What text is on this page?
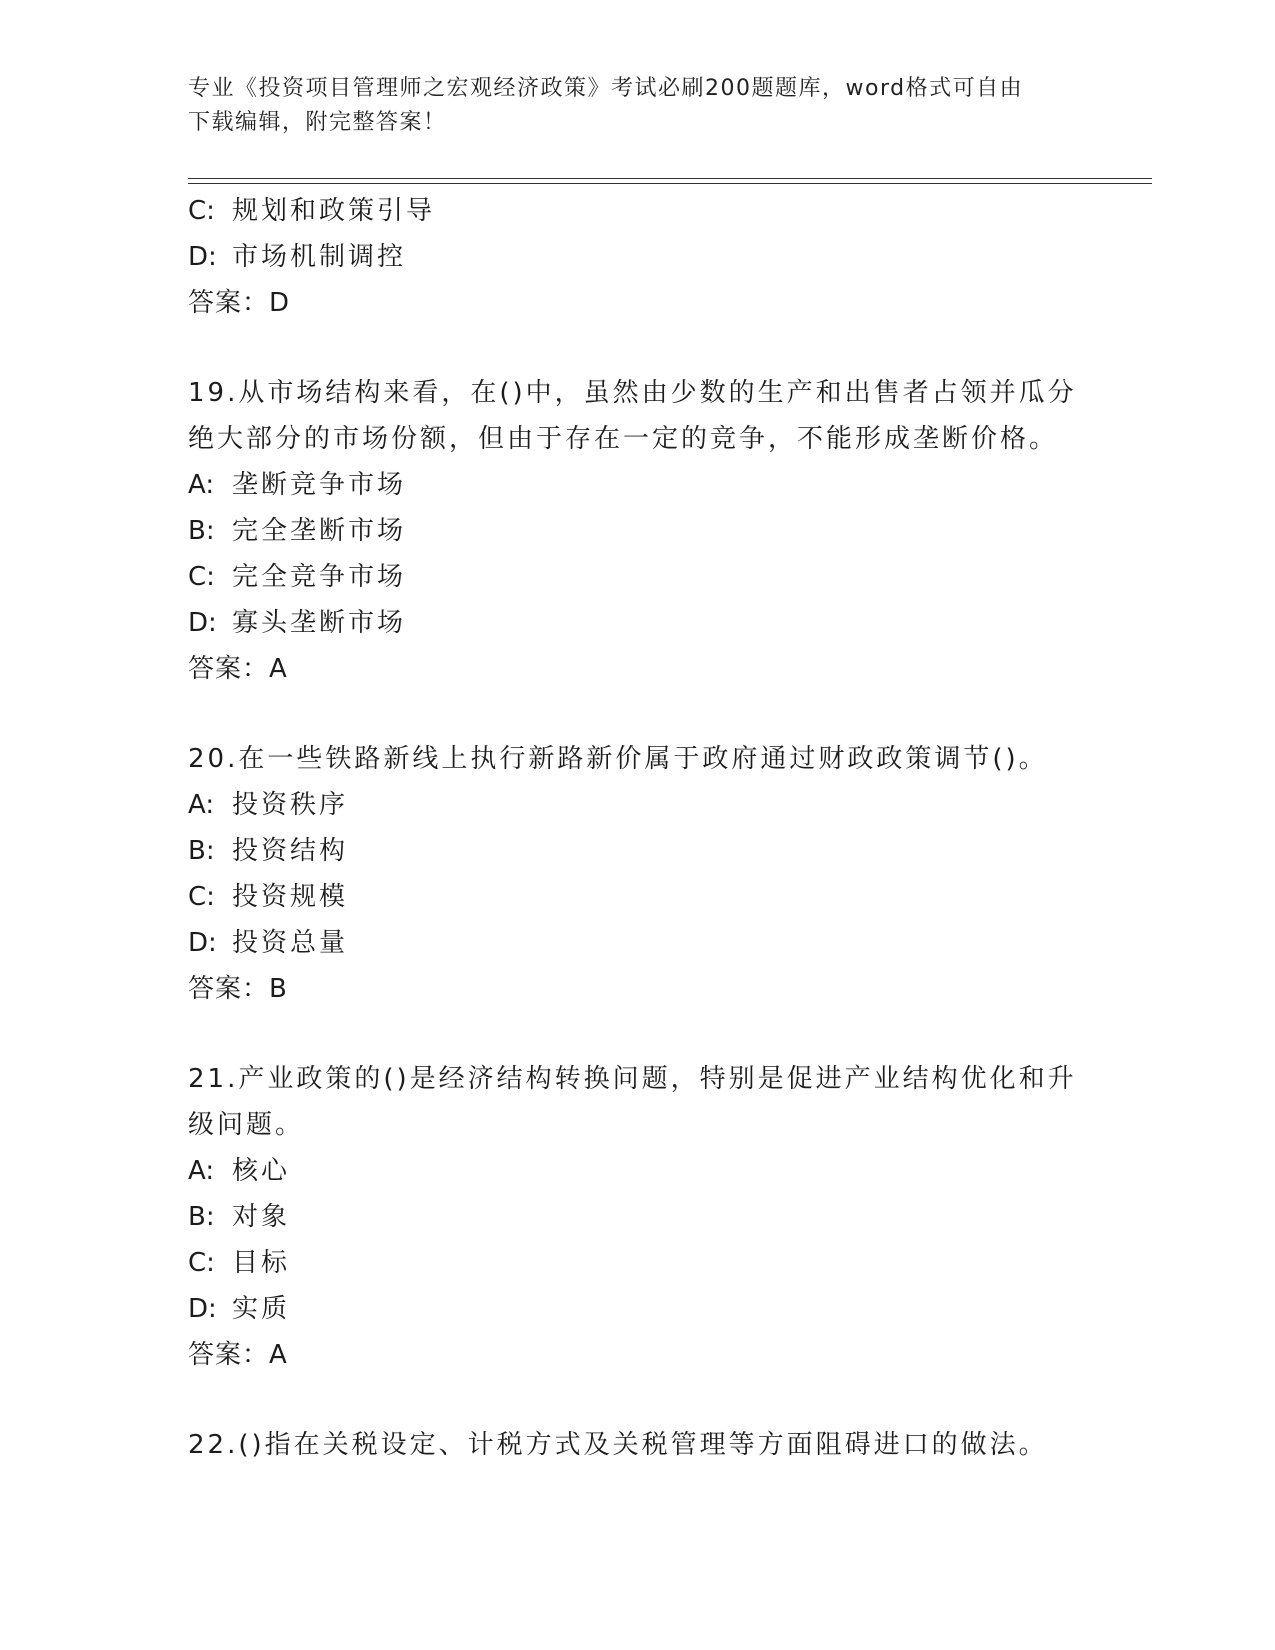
专业《投资项目管理师之宏观经济政策》考试必刷200题题库，word格式可自由
下载编辑，附完整答案！
C: 规划和政策引导
D: 市场机制调控
答案：D
19.从市场结构来看，在()中，虽然由少数的生产和出售者占领并瓜分
绝大部分的市场份额，但由于存在一定的竞争，不能形成垄断价格。
A: 垄断竞争市场
B: 完全垄断市场
C: 完全竞争市场
D: 寡头垄断市场
答案：A
20.在一些铁路新线上执行新路新价属于政府通过财政政策调节()。
A: 投资秩序
B: 投资结构
C: 投资规模
D: 投资总量
答案：B
21.产业政策的()是经济结构转换问题，特别是促进产业结构优化和升
级问题。
A: 核心
B: 对象
C: 目标
D: 实质
答案：A
22.()指在关税设定、计税方式及关税管理等方面阻碍进口的做法。
